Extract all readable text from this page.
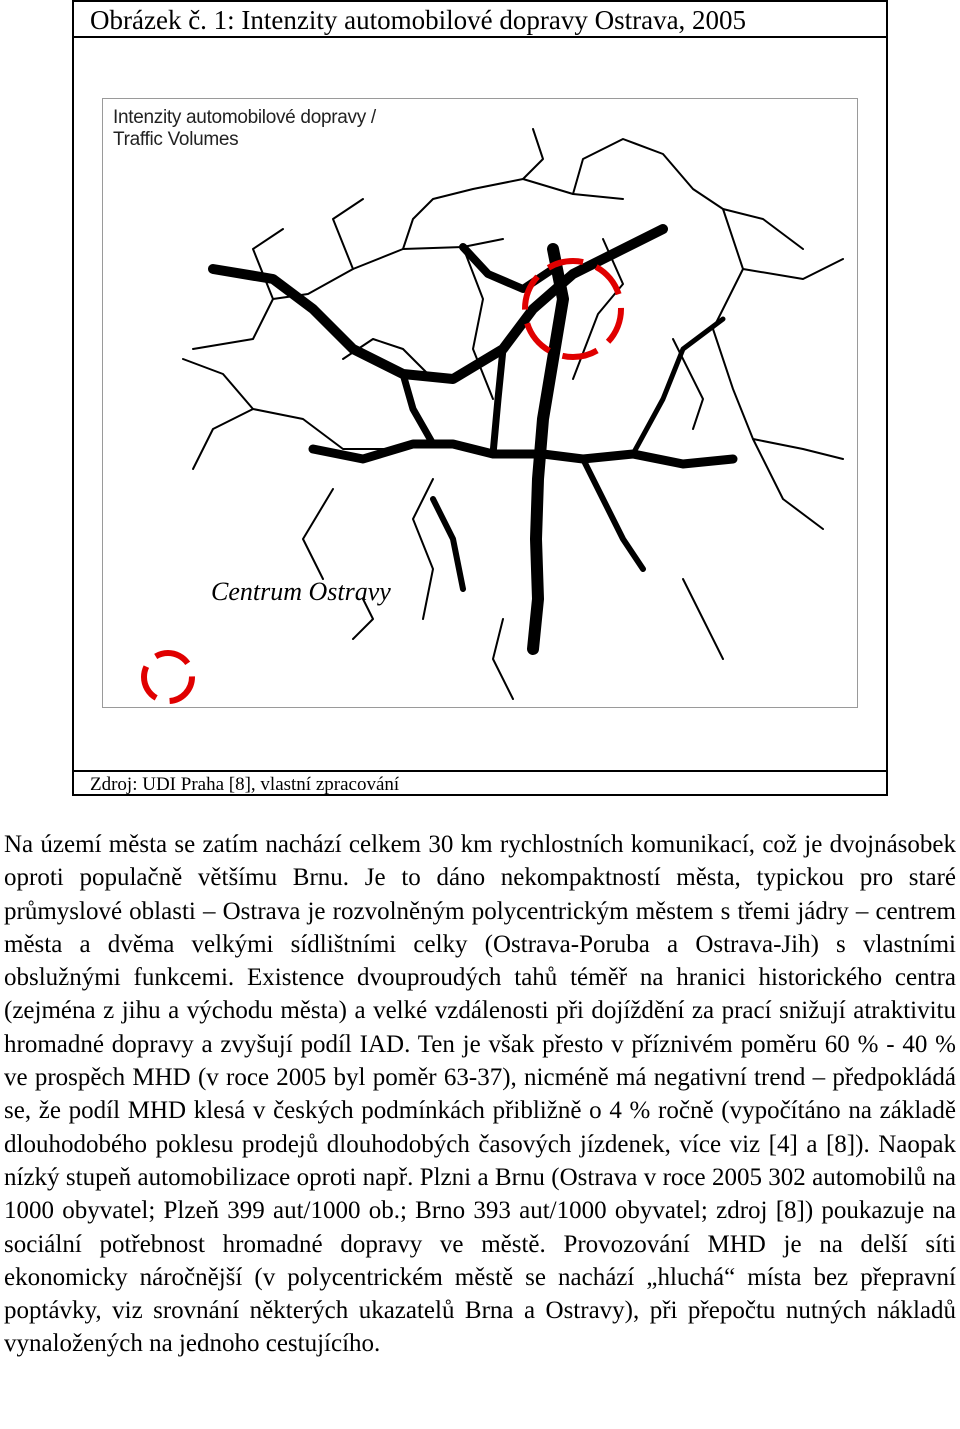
Obrázek č. 1: Intenzity automobilové dopravy Ostrava, 2005
Intenzity automobilové dopravy /
Traffic Volumes
Centrum Ostravy
Zdroj: UDI Praha [8], vlastní zpracování

Na území města se zatím nachází celkem 30 km rychlostních komunikací, což je dvojnásobek oproti populačně většímu Brnu. Je to dáno nekompaktností města, typickou pro staré průmyslové oblasti – Ostrava je rozvolněným polycentrickým městem s třemi jádry – centrem města a dvěma velkými sídlištními celky (Ostrava-Poruba a Ostrava-Jih) s vlastními obslužnými funkcemi. Existence dvouproudých tahů téměř na hranici historického centra (zejména z jihu a východu města) a velké vzdálenosti při dojíždění za prací snižují atraktivitu hromadné dopravy a zvyšují podíl IAD. Ten je však přesto v příznivém poměru 60 % - 40 % ve prospěch MHD (v roce 2005 byl poměr 63-37), nicméně má negativní trend – předpokládá se, že podíl MHD klesá v českých podmínkách přibližně o 4 % ročně (vypočítáno na základě dlouhodobého poklesu prodejů dlouhodobých časových jízdenek, více viz [4] a [8]). Naopak nízký stupeň automobilizace oproti např. Plzni a Brnu (Ostrava v roce 2005 302 automobilů na 1000 obyvatel; Plzeň 399 aut/1000 ob.; Brno 393 aut/1000 obyvatel; zdroj [8]) poukazuje na sociální potřebnost hromadné dopravy ve městě. Provozování MHD je na delší síti ekonomicky náročnější (v polycentrickém městě se nachází „hluchá“ místa bez přepravní poptávky, viz srovnání některých ukazatelů Brna a Ostravy), při přepočtu nutných nákladů vynaložených na jednoho cestujícího.
